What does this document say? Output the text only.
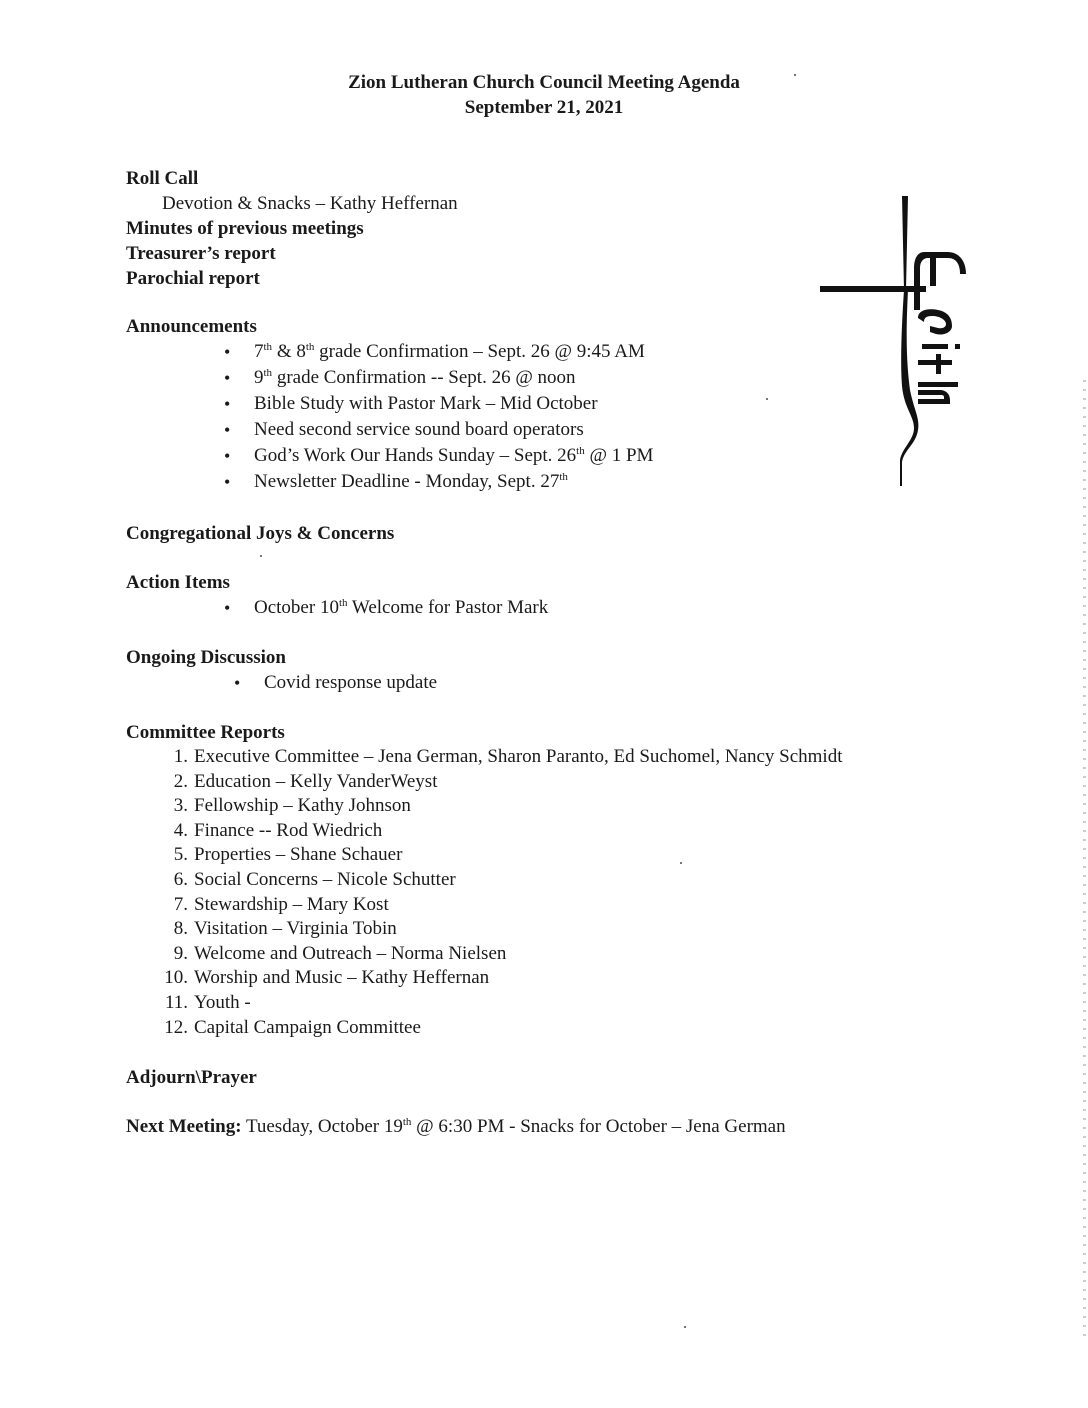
Zion Lutheran Church Council Meeting Agenda
September 21, 2021
Roll Call
Devotion & Snacks – Kathy Heffernan
Minutes of previous meetings
Treasurer’s report
Parochial report
Announcements
• 7th & 8th grade Confirmation – Sept. 26 @ 9:45 AM
• 9th grade Confirmation -- Sept. 26 @ noon
• Bible Study with Pastor Mark – Mid October
• Need second service sound board operators
• God’s Work Our Hands Sunday – Sept. 26th @ 1 PM
• Newsletter Deadline - Monday, Sept. 27th
Congregational Joys & Concerns
Action Items
• October 10th Welcome for Pastor Mark
Ongoing Discussion
• Covid response update
Committee Reports
1. Executive Committee – Jena German, Sharon Paranto, Ed Suchomel, Nancy Schmidt
2. Education – Kelly VanderWeyst
3. Fellowship – Kathy Johnson
4. Finance -- Rod Wiedrich
5. Properties – Shane Schauer
6. Social Concerns – Nicole Schutter
7. Stewardship – Mary Kost
8. Visitation – Virginia Tobin
9. Welcome and Outreach – Norma Nielsen
10. Worship and Music – Kathy Heffernan
11. Youth -
12. Capital Campaign Committee
Adjourn\Prayer
Next Meeting: Tuesday, October 19th @ 6:30 PM - Snacks for October – Jena German
